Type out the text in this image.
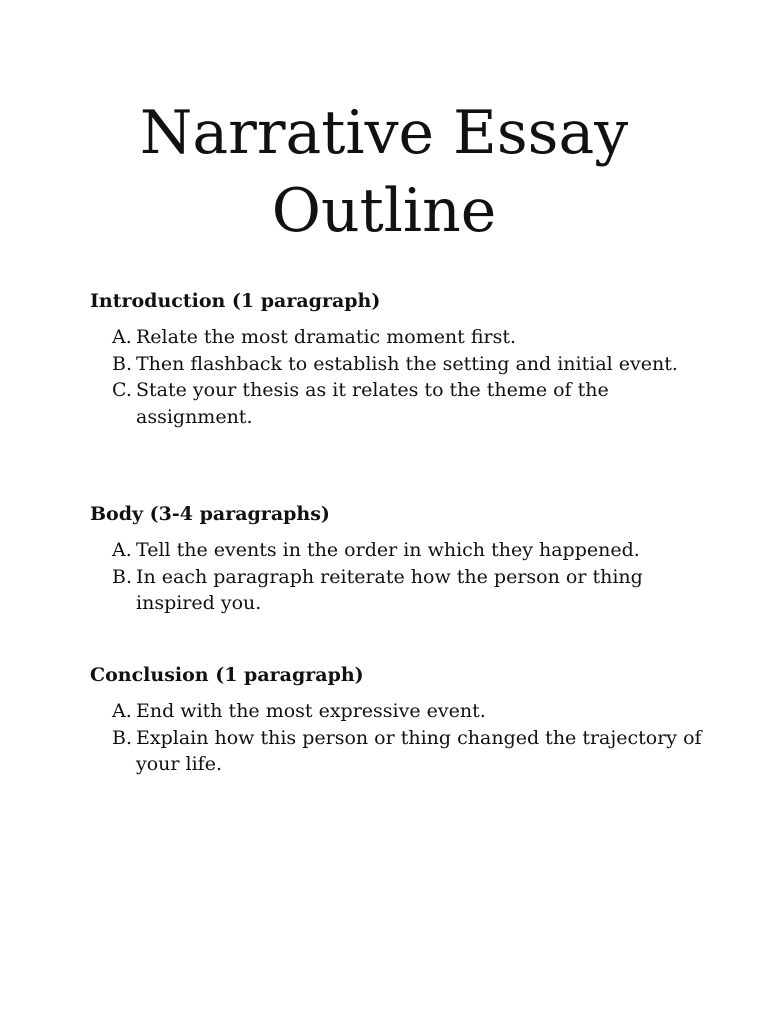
Narrative Essay
Outline

Introduction (1 paragraph)

A. Relate the most dramatic moment first.
B. Then flashback to establish the setting and initial event.
C. State your thesis as it relates to the theme of the assignment.

Body (3-4 paragraphs)

A. Tell the events in the order in which they happened.
B. In each paragraph reiterate how the person or thing inspired you.

Conclusion (1 paragraph)

A. End with the most expressive event.
B. Explain how this person or thing changed the trajectory of your life.
